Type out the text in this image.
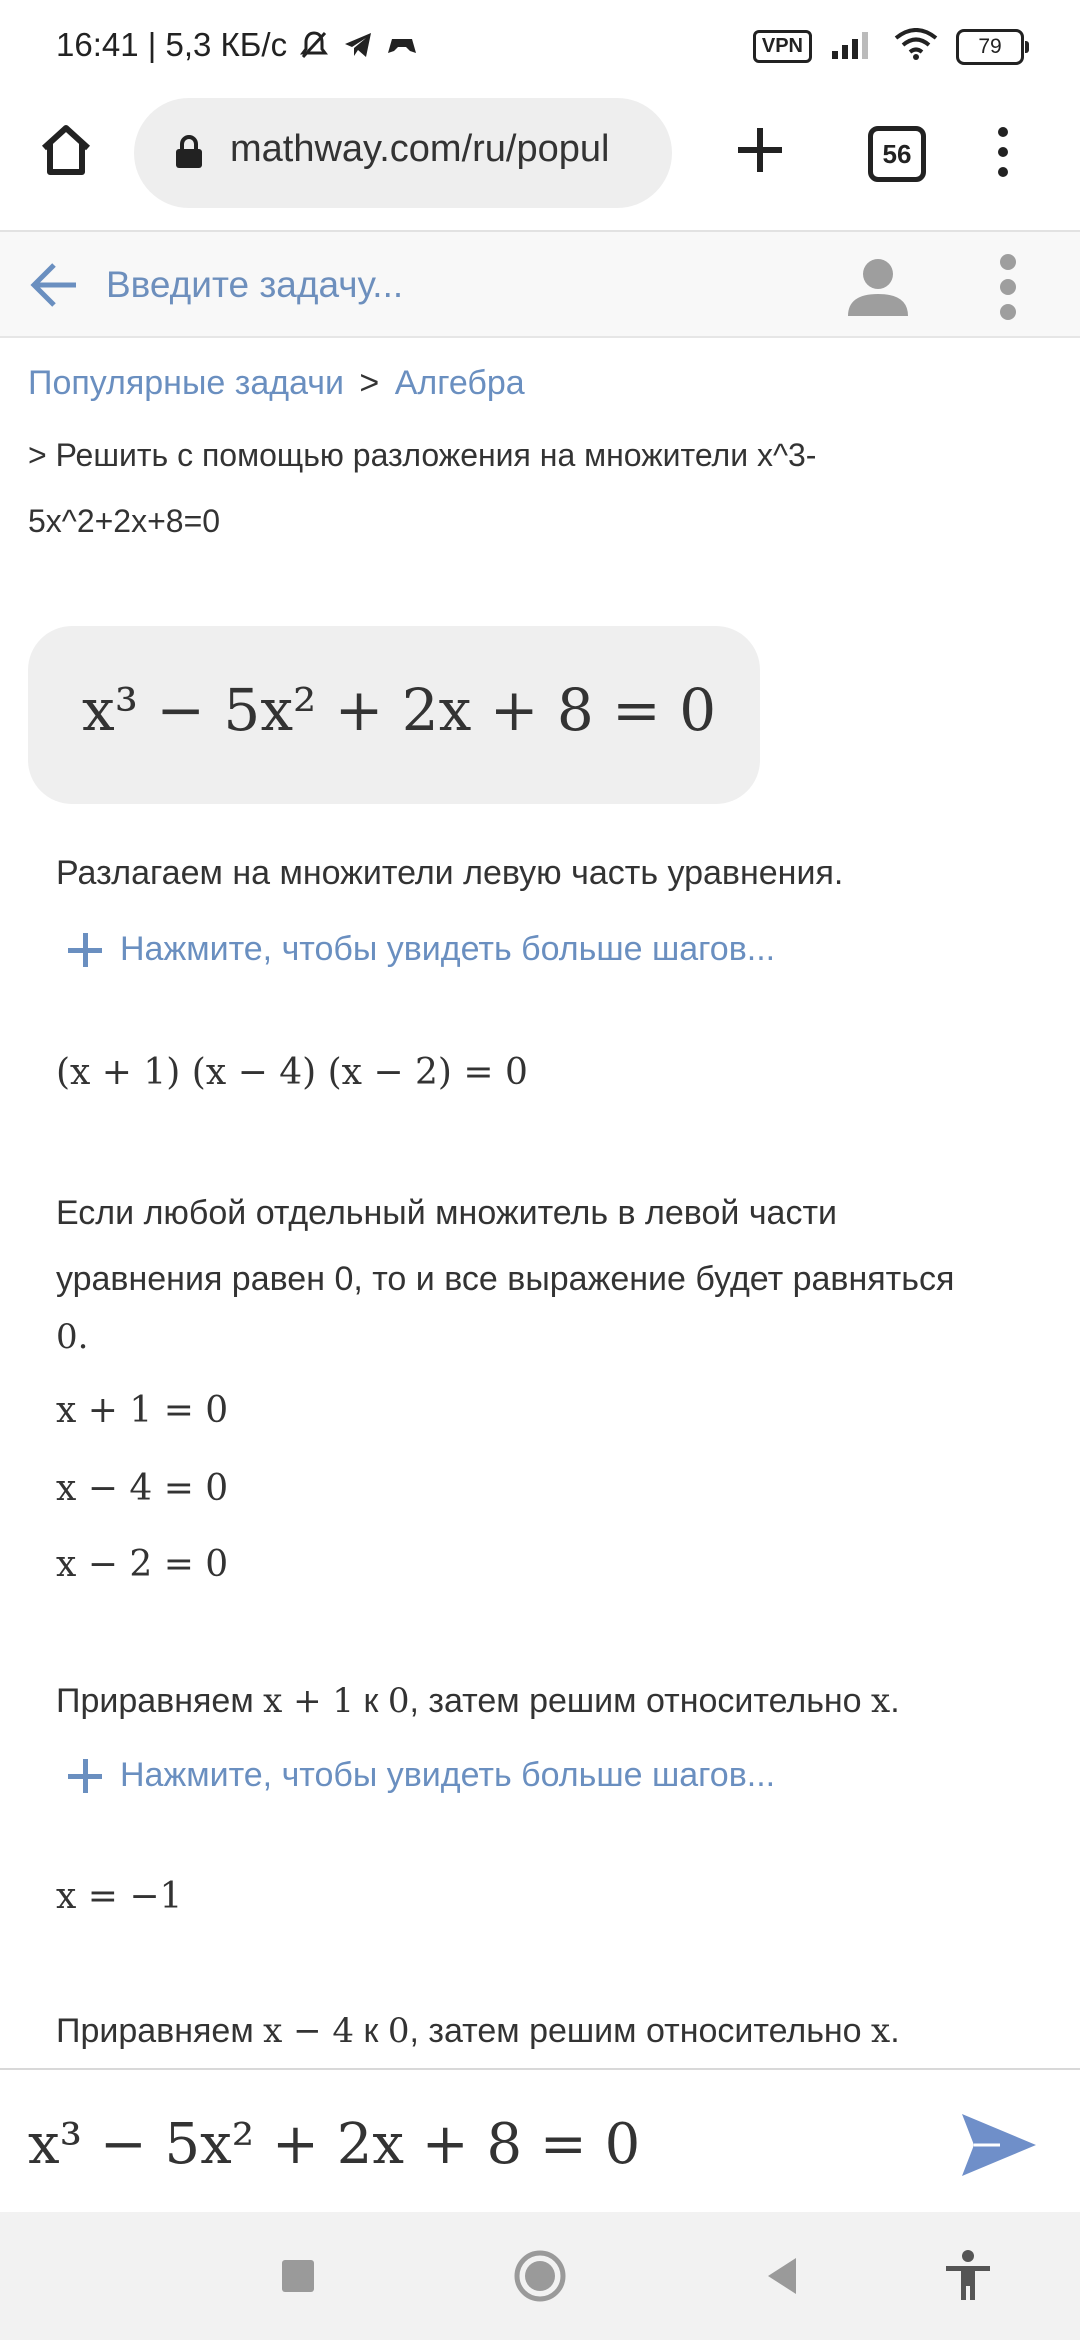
16:41 | 5,3 КБ/с	VPN	79
mathway.com/ru/popul	56
Введите задачу...
Популярные задачи > Алгебра
> Решить с помощью разложения на множители x^3-
5x^2+2x+8=0
x³ − 5x² + 2x + 8 = 0
Разлагаем на множители левую часть уравнения.
Нажмите, чтобы увидеть больше шагов...
(x + 1) (x − 4) (x − 2) = 0
Если любой отдельный множитель в левой части
уравнения равен 0, то и все выражение будет равняться
0.
x + 1 = 0
x − 4 = 0
x − 2 = 0
Приравняем x + 1 к 0, затем решим относительно x.
Нажмите, чтобы увидеть больше шагов...
x = −1
Приравняем x − 4 к 0, затем решим относительно x.
x³ − 5x² + 2x + 8 = 0
